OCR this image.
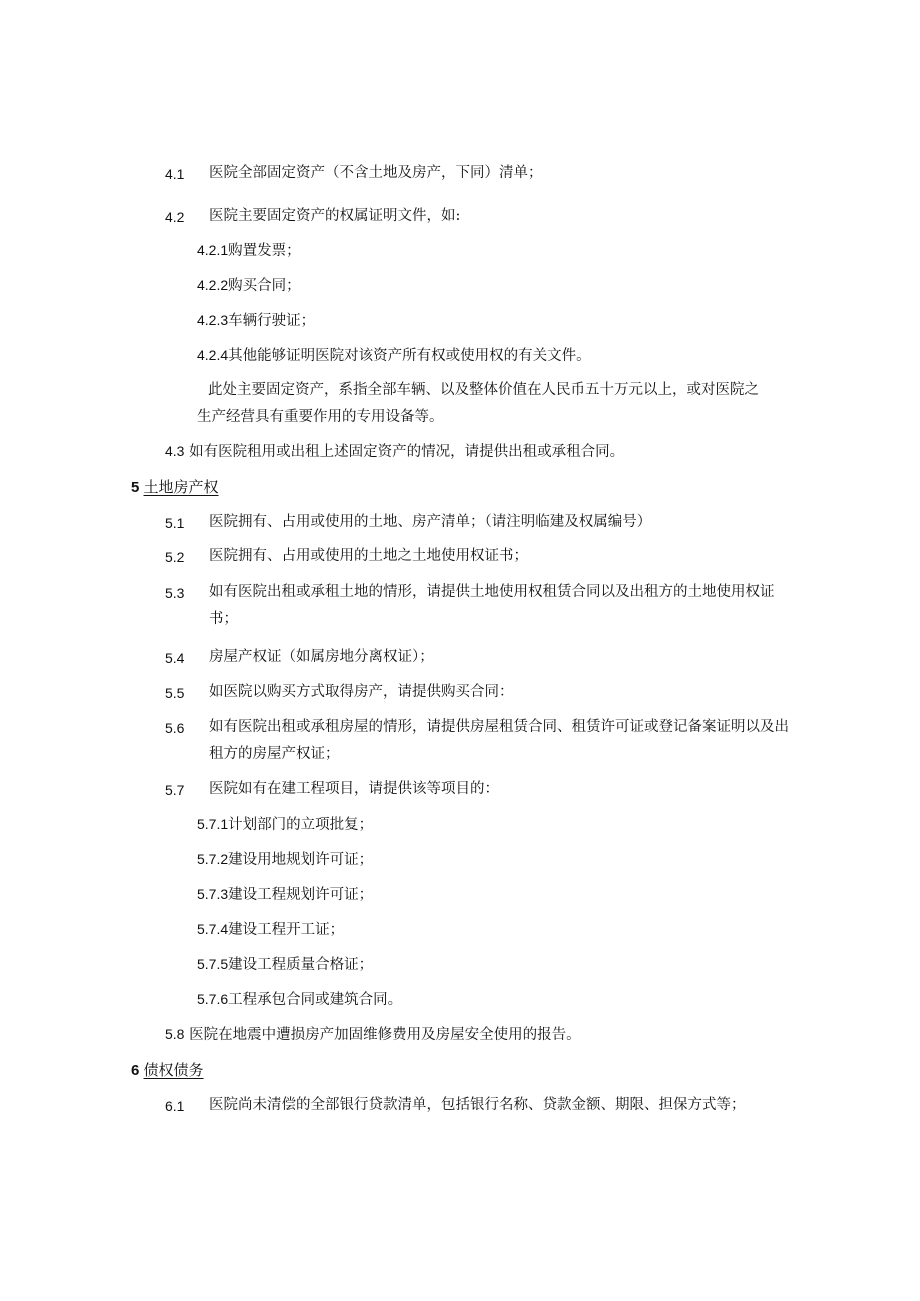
4.1 医院全部固定资产（不含土地及房产，下同）清单；
4.2 医院主要固定资产的权属证明文件，如:
4.2.1购置发票；
4.2.2购买合同；
4.2.3车辆行驶证；
4.2.4其他能够证明医院对该资产所有权或使用权的有关文件。
此处主要固定资产，系指全部车辆、以及整体价值在人民币五十万元以上，或对医院之
生产经营具有重要作用的专用设备等。
4.3 如有医院租用或出租上述固定资产的情况，请提供出租或承租合同。
5 土地房产权
5.1 医院拥有、占用或使用的土地、房产清单；（请注明临建及权属编号）
5.2 医院拥有、占用或使用的土地之土地使用权证书；
5.3 如有医院出租或承租土地的情形，请提供土地使用权租赁合同以及出租方的土地使用权证书；
5.4 房屋产权证（如属房地分离权证）；
5.5 如医院以购买方式取得房产，请提供购买合同：
5.6 如有医院出租或承租房屋的情形，请提供房屋租赁合同、租赁许可证或登记备案证明以及出租方的房屋产权证；
5.7 医院如有在建工程项目，请提供该等项目的：
5.7.1计划部门的立项批复；
5.7.2建设用地规划许可证；
5.7.3建设工程规划许可证；
5.7.4建设工程开工证；
5.7.5建设工程质量合格证；
5.7.6工程承包合同或建筑合同。
5.8 医院在地震中遭损房产加固维修费用及房屋安全使用的报告。
6 债权债务
6.1 医院尚未清偿的全部银行贷款清单，包括银行名称、贷款金额、期限、担保方式等；
